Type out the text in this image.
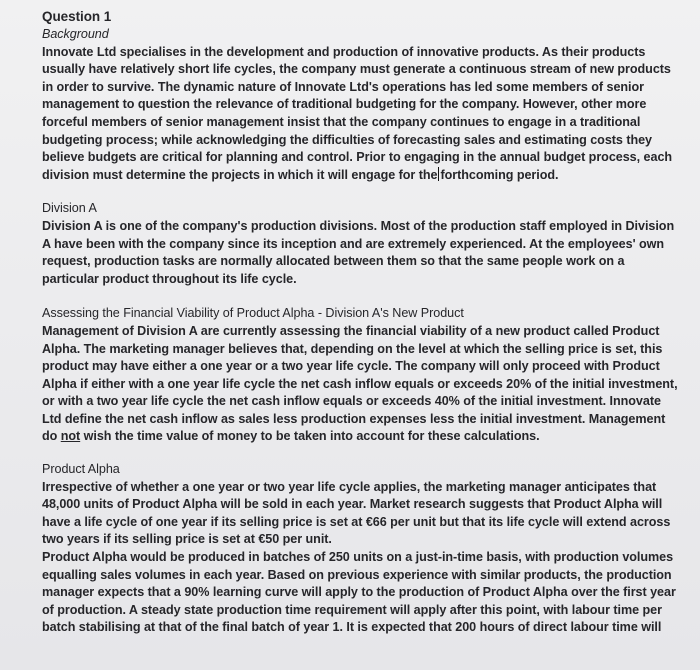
Question 1
Background
Innovate Ltd specialises in the development and production of innovative products. As their products
usually have relatively short life cycles, the company must generate a continuous stream of new products
in order to survive. The dynamic nature of Innovate Ltd's operations has led some members of senior
management to question the relevance of traditional budgeting for the company. However, other more
forceful members of senior management insist that the company continues to engage in a traditional
budgeting process; while acknowledging the difficulties of forecasting sales and estimating costs they
believe budgets are critical for planning and control. Prior to engaging in the annual budget process, each
division must determine the projects in which it will engage for the forthcoming period.
Division A
Division A is one of the company's production divisions. Most of the production staff employed in Division
A have been with the company since its inception and are extremely experienced. At the employees' own
request, production tasks are normally allocated between them so that the same people work on a
particular product throughout its life cycle.
Assessing the Financial Viability of Product Alpha - Division A's New Product
Management of Division A are currently assessing the financial viability of a new product called Product
Alpha. The marketing manager believes that, depending on the level at which the selling price is set, this
product may have either a one year or a two year life cycle. The company will only proceed with Product
Alpha if either with a one year life cycle the net cash inflow equals or exceeds 20% of the initial investment,
or with a two year life cycle the net cash inflow equals or exceeds 40% of the initial investment. Innovate
Ltd define the net cash inflow as sales less production expenses less the initial investment. Management
do not wish the time value of money to be taken into account for these calculations.
Product Alpha
Irrespective of whether a one year or two year life cycle applies, the marketing manager anticipates that
48,000 units of Product Alpha will be sold in each year. Market research suggests that Product Alpha will
have a life cycle of one year if its selling price is set at €66 per unit but that its life cycle will extend across
two years if its selling price is set at €50 per unit.
Product Alpha would be produced in batches of 250 units on a just-in-time basis, with production volumes
equalling sales volumes in each year. Based on previous experience with similar products, the production
manager expects that a 90% learning curve will apply to the production of Product Alpha over the first year
of production. A steady state production time requirement will apply after this point, with labour time per
batch stabilising at that of the final batch of year 1. It is expected that 200 hours of direct labour time will
